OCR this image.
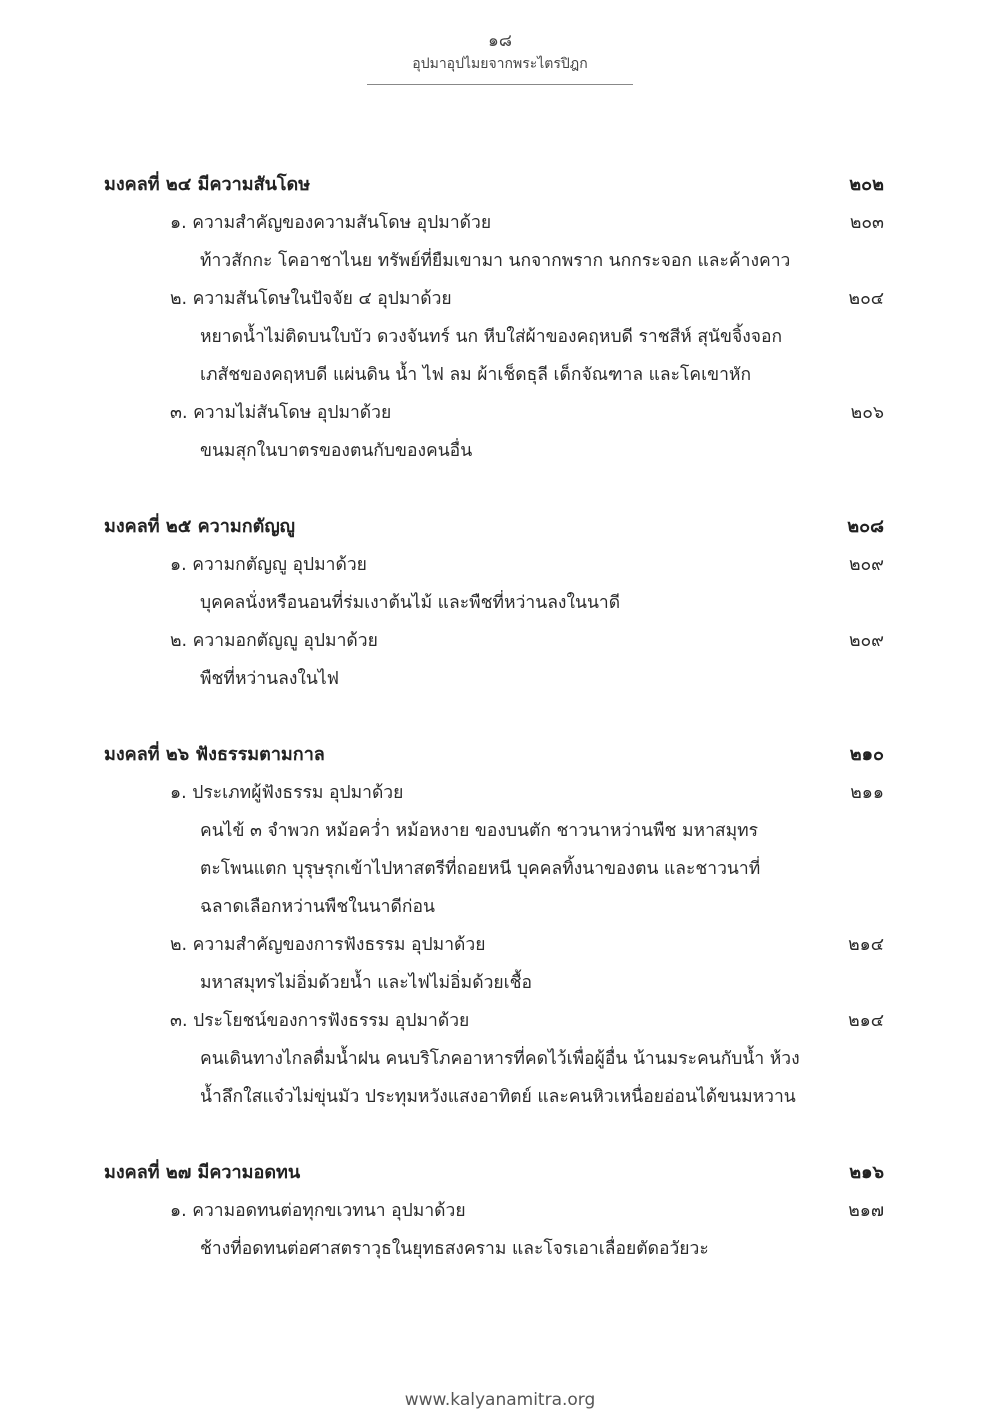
๑๘
อุปมาอุปไมยจากพระไตรปิฎก
มงคลที่ ๒๔ มีความสันโดษ	๒๐๒
๑. ความสำคัญของความสันโดษ อุปมาด้วย	๒๐๓
ท้าวสักกะ โคอาชาไนย ทรัพย์ที่ยืมเขามา นกจากพราก นกกระจอก และค้างคาว
๒. ความสันโดษในปัจจัย ๔ อุปมาด้วย	๒๐๔
หยาดน้ำไม่ติดบนใบบัว ดวงจันทร์ นก หีบใส่ผ้าของคฤหบดี ราชสีห์ สุนัขจิ้งจอก
เภสัชของคฤหบดี แผ่นดิน น้ำ ไฟ ลม ผ้าเช็ดธุลี เด็กจัณฑาล และโคเขาหัก
๓. ความไม่สันโดษ อุปมาด้วย	๒๐๖
ขนมสุกในบาตรของตนกับของคนอื่น
มงคลที่ ๒๕ ความกตัญญู	๒๐๘
๑. ความกตัญญู อุปมาด้วย	๒๐๙
บุคคลนั่งหรือนอนที่ร่มเงาต้นไม้ และพืชที่หว่านลงในนาดี
๒. ความอกตัญญู อุปมาด้วย	๒๐๙
พืชที่หว่านลงในไฟ
มงคลที่ ๒๖ ฟังธรรมตามกาล	๒๑๐
๑. ประเภทผู้ฟังธรรม อุปมาด้วย	๒๑๑
คนไข้ ๓ จำพวก หม้อคว่ำ หม้อหงาย ของบนตัก ชาวนาหว่านพืช มหาสมุทร
ตะโพนแตก บุรุษรุกเข้าไปหาสตรีที่ถอยหนี บุคคลทิ้งนาของตน และชาวนาที่
ฉลาดเลือกหว่านพืชในนาดีก่อน
๒. ความสำคัญของการฟังธรรม อุปมาด้วย	๒๑๔
มหาสมุทรไม่อิ่มด้วยน้ำ และไฟไม่อิ่มด้วยเชื้อ
๓. ประโยชน์ของการฟังธรรม อุปมาด้วย	๒๑๔
คนเดินทางไกลดื่มน้ำฝน คนบริโภคอาหารที่คดไว้เพื่อผู้อื่น น้านมระคนกับน้ำ ห้วง
น้ำลึกใสแจ๋วไม่ขุ่นมัว ประทุมหวังแสงอาทิตย์ และคนหิวเหนื่อยอ่อนได้ขนมหวาน
มงคลที่ ๒๗ มีความอดทน	๒๑๖
๑. ความอดทนต่อทุกขเวทนา อุปมาด้วย	๒๑๗
ช้างที่อดทนต่อศาสตราวุธในยุทธสงคราม และโจรเอาเลื่อยตัดอวัยวะ
www.kalyanamitra.org
